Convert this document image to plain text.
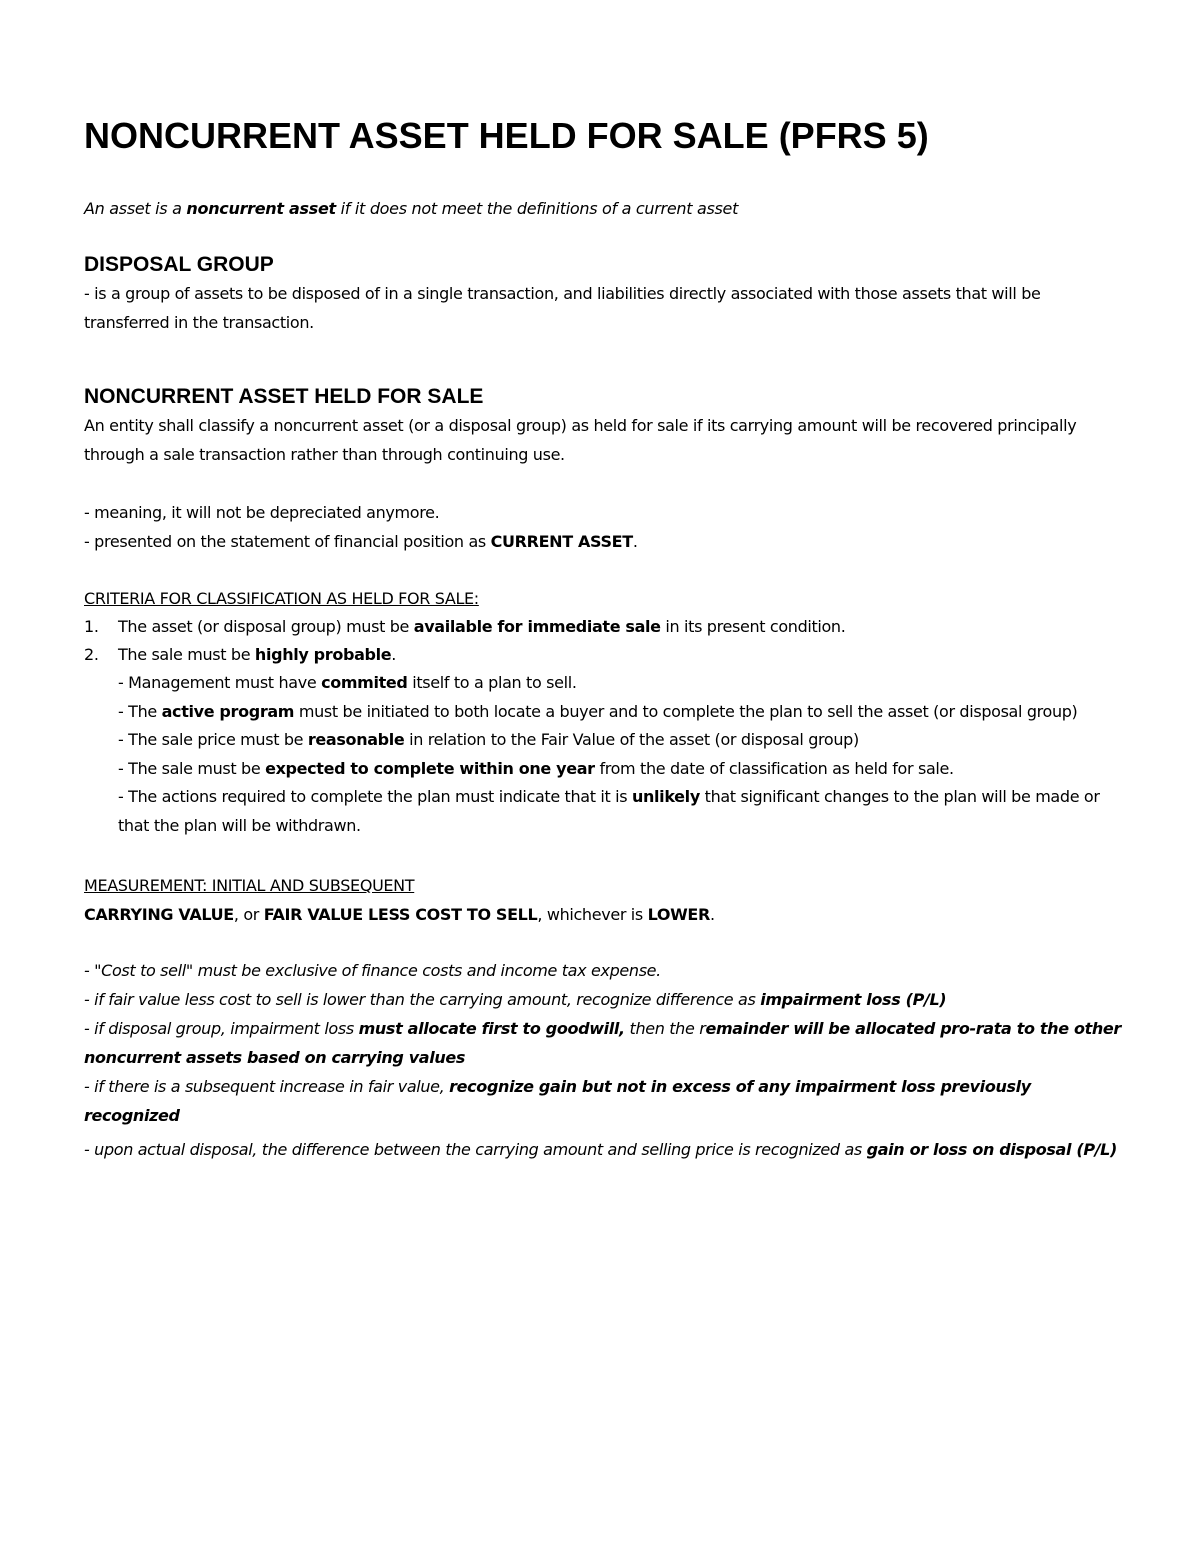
NONCURRENT ASSET HELD FOR SALE (PFRS 5)
An asset is a noncurrent asset if it does not meet the definitions of a current asset
DISPOSAL GROUP

- is a group of assets to be disposed of in a single transaction, and liabilities directly associated with those assets that will be transferred in the transaction.

NONCURRENT ASSET HELD FOR SALE

An entity shall classify a noncurrent asset (or a disposal group) as held for sale if its carrying amount will be recovered principally through a sale transaction rather than through continuing use.

- meaning, it will not be depreciated anymore.

- presented on the statement of financial position as CURRENT ASSET.

CRITERIA FOR CLASSIFICATION AS HELD FOR SALE:

1. The asset (or disposal group) must be available for immediate sale in its present condition.
2. The sale must be highly probable.
- Management must have commited itself to a plan to sell.
- The active program must be initiated to both locate a buyer and to complete the plan to sell the asset (or disposal group)
- The sale price must be reasonable in relation to the Fair Value of the asset (or disposal group)
- The sale must be expected to complete within one year from the date of classification as held for sale.
- The actions required to complete the plan must indicate that it is unlikely that significant changes to the plan will be made or that the plan will be withdrawn.

MEASUREMENT: INITIAL AND SUBSEQUENT

CARRYING VALUE, or FAIR VALUE LESS COST TO SELL, whichever is LOWER.

- "Cost to sell" must be exclusive of finance costs and income tax expense.

- if fair value less cost to sell is lower than the carrying amount, recognize difference as impairment loss (P/L)

- if disposal group, impairment loss must allocate first to goodwill, then the remainder will be allocated pro-rata to the other noncurrent assets based on carrying values

- if there is a subsequent increase in fair value, recognize gain but not in excess of any impairment loss previously recognized

- upon actual disposal, the difference between the carrying amount and selling price is recognized as gain or loss on disposal (P/L)
